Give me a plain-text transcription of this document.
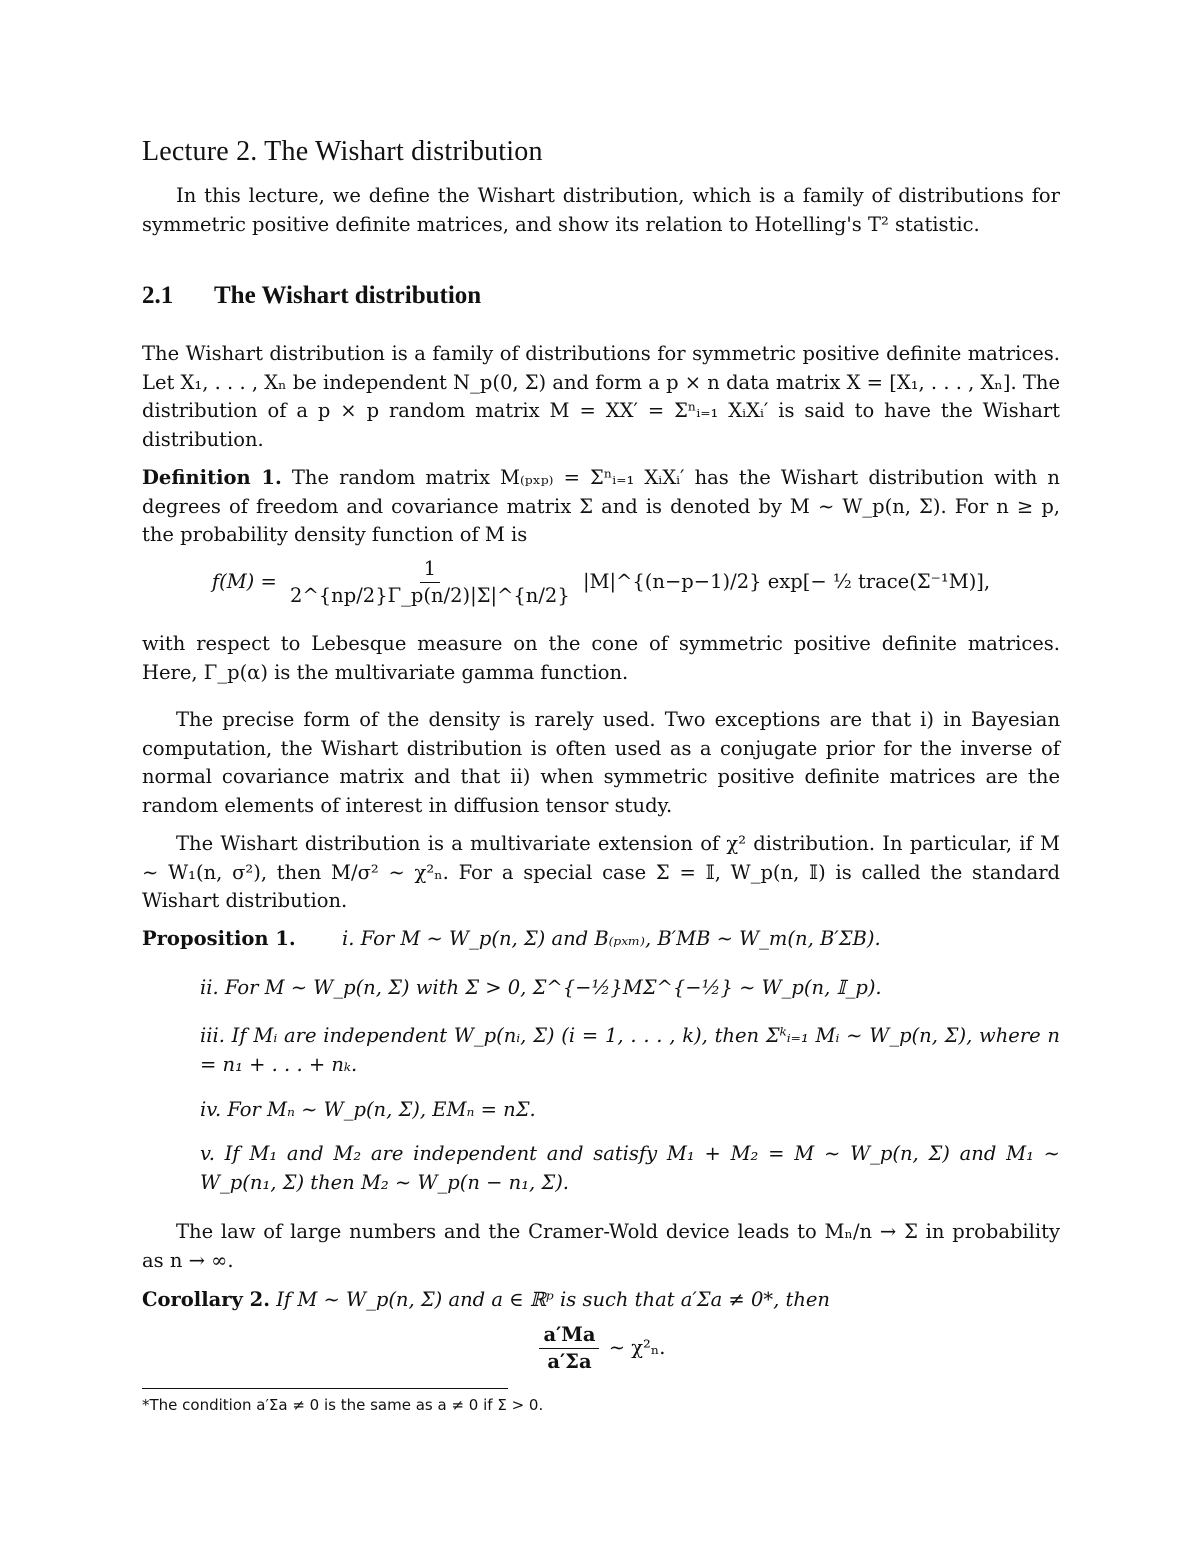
Lecture 2. The Wishart distribution
In this lecture, we define the Wishart distribution, which is a family of distributions for symmetric positive definite matrices, and show its relation to Hotelling's T² statistic.
2.1 The Wishart distribution
The Wishart distribution is a family of distributions for symmetric positive definite matrices. Let X₁, . . . , Xₙ be independent N_p(0, Σ) and form a p × n data matrix X = [X₁, . . . , Xₙ]. The distribution of a p × p random matrix M = XX′ = Σⁿᵢ₌₁ XᵢXᵢ′ is said to have the Wishart distribution.
Definition 1. The random matrix M₍ₚₓₚ₎ = Σⁿᵢ₌₁ XᵢXᵢ′ has the Wishart distribution with n degrees of freedom and covariance matrix Σ and is denoted by M ∼ W_p(n, Σ). For n ≥ p, the probability density function of M is
$f(M) = \frac{1}{2\^{}\{np/2\}\Gamma\_p(n/2)|\Sigma|\^{}\{n/2\}}$ |M|^{(n−p−1)/2} exp[− ½ trace(Σ⁻¹M)],
with respect to Lebesque measure on the cone of symmetric positive definite matrices. Here, Γ_p(α) is the multivariate gamma function.
The precise form of the density is rarely used. Two exceptions are that i) in Bayesian computation, the Wishart distribution is often used as a conjugate prior for the inverse of normal covariance matrix and that ii) when symmetric positive definite matrices are the random elements of interest in diffusion tensor study.
The Wishart distribution is a multivariate extension of χ² distribution. In particular, if M ∼ W₁(n, σ²), then M/σ² ∼ χ²ₙ. For a special case Σ = 𝕀, W_p(n, 𝕀) is called the standard Wishart distribution.
Proposition 1.	i. For M ∼ W_p(n, Σ) and B₍ₚₓₘ₎, B′MB ∼ W_m(n, B′ΣB).
ii. For M ∼ W_p(n, Σ) with Σ > 0, Σ^{−½}MΣ^{−½} ∼ W_p(n, 𝕀_p).
iii. If Mᵢ are independent W_p(nᵢ, Σ) (i = 1, . . . , k), then Σᵏᵢ₌₁ Mᵢ ∼ W_p(n, Σ), where n = n₁ + . . . + nₖ.
iv. For Mₙ ∼ W_p(n, Σ), EMₙ = nΣ.
v. If M₁ and M₂ are independent and satisfy M₁ + M₂ = M ∼ W_p(n, Σ) and M₁ ∼ W_p(n₁, Σ) then M₂ ∼ W_p(n − n₁, Σ).
The law of large numbers and the Cramer-Wold device leads to Mₙ/n → Σ in probability as n → ∞.
Corollary 2. If M ∼ W_p(n, Σ) and a ∈ ℝᵖ is such that a′Σa ≠ 0*, then
$\frac{a'Ma}{a'\Sigma a}$ ∼ χ²ₙ.
*The condition a′Σa ≠ 0 is the same as a ≠ 0 if Σ > 0.
